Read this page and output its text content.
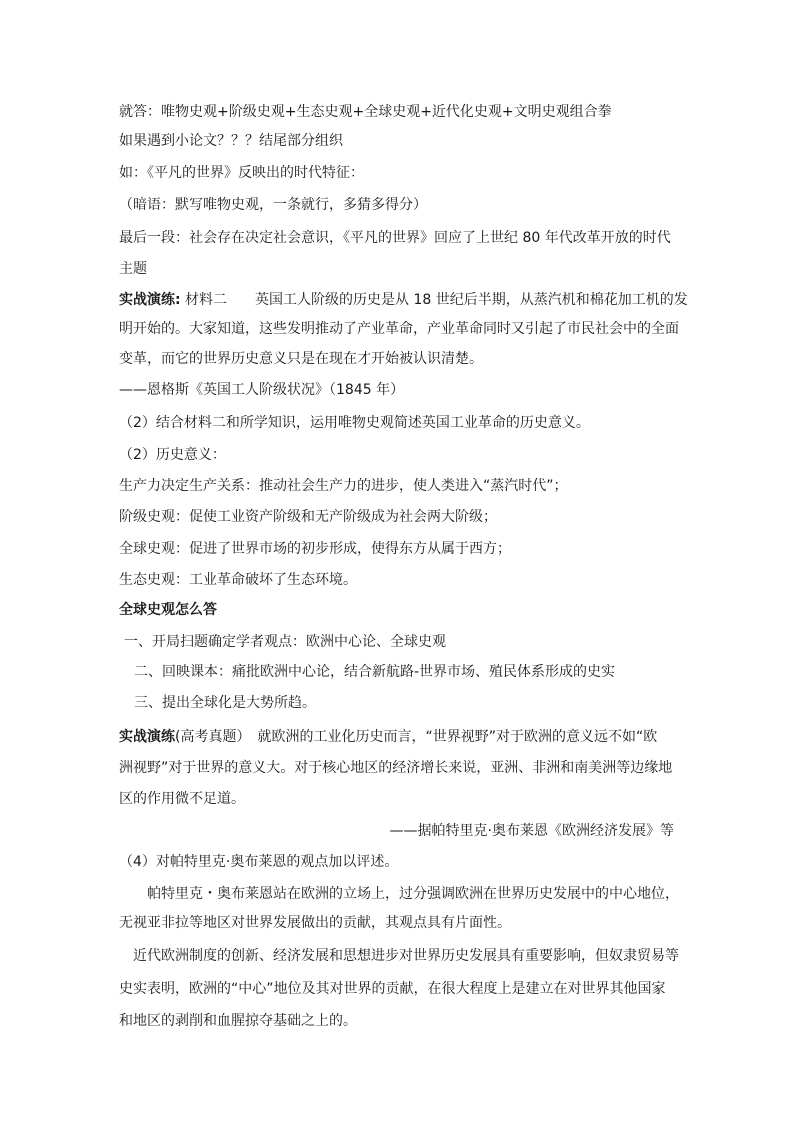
就答：唯物史观+阶级史观+生态史观+全球史观+近代化史观+文明史观组合拳
如果遇到小论文？？？结尾部分组织
如：《平凡的世界》反映出的时代特征：
（暗语：默写唯物史观，一条就行，多猜多得分）
最后一段：社会存在决定社会意识，《平凡的世界》回应了上世纪 80 年代改革开放的时代
主题
实战演练: 材料二　　英国工人阶级的历史是从 18 世纪后半期，从蒸汽机和棉花加工机的发
明开始的。大家知道，这些发明推动了产业革命，产业革命同时又引起了市民社会中的全面
变革，而它的世界历史意义只是在现在才开始被认识清楚。
——恩格斯《英国工人阶级状况》（1845 年）
（2）结合材料二和所学知识，运用唯物史观简述英国工业革命的历史意义。
（2）历史意义：
生产力决定生产关系：推动社会生产力的进步，使人类进入“蒸汽时代”；
阶级史观：促使工业资产阶级和无产阶级成为社会两大阶级；
全球史观：促进了世界市场的初步形成，使得东方从属于西方；
生态史观：工业革命破坏了生态环境。
全球史观怎么答
一、开局扫题确定学者观点：欧洲中心论、全球史观
二、回映课本：痛批欧洲中心论，结合新航路-世界市场、殖民体系形成的史实
三、提出全球化是大势所趋。
实战演练(高考真题）　就欧洲的工业化历史而言，“世界视野”对于欧洲的意义远不如“欧
洲视野”对于世界的意义大。对于核心地区的经济增长来说，亚洲、非洲和南美洲等边缘地
区的作用微不足道。
——据帕特里克·奥布莱恩《欧洲经济发展》等
（4）对帕特里克·奥布莱恩的观点加以评述。
帕特里克・奥布莱恩站在欧洲的立场上，过分强调欧洲在世界历史发展中的中心地位，
无视亚非拉等地区对世界发展做出的贡献，其观点具有片面性。
近代欧洲制度的创新、经济发展和思想进步对世界历史发展具有重要影响，但奴隶贸易等
史实表明，欧洲的“中心”地位及其对世界的贡献，在很大程度上是建立在对世界其他国家
和地区的剥削和血腥掠夺基础之上的。
